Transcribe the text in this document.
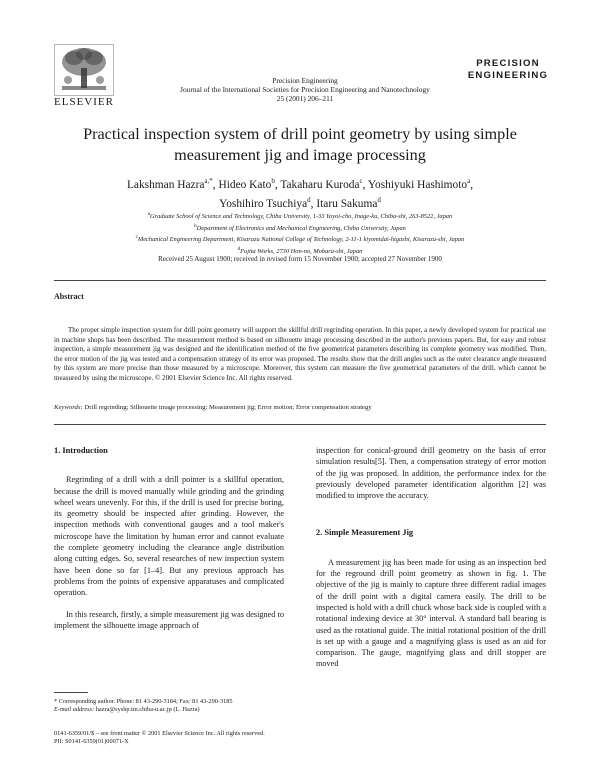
ELSEVIER
Precision Engineering
Journal of the International Societies for Precision Engineering and Nanotechnology
25 (2001) 206–211
PRECISION
ENGINEERING
Practical inspection system of drill point geometry by using simple
measurement jig and image processing
Lakshman Hazra$^{a,*}$, Hideo Kato$^b$, Takaharu Kuroda$^c$, Yoshiyuki Hashimoto$^a$,
Yoshihiro Tsuchiya$^d$, Itaru Sakuma$^d$
$^a$Graduate School of Science and Technology, Chiba University, 1-33 Yayoi-cho, Inage-ku, Chiba-shi, 263-8522, Japan
$^b$Department of Electronics and Mechanical Engineering, Chiba University, Japan
$^c$Mechanical Engineering Department, Kisarazu National College of Technology, 2-11-1 kiyomidai-higashi, Kisarazu-shi, Japan
$^d$Fujita Works, 2730 Hon-no, Mobara-shi, Japan
Received 25 August 1900; received in revised form 15 November 1900; accepted 27 November 1900
Abstract
The proper simple inspection system for drill point geometry will support the skillful drill regrinding operation. In this paper, a newly developed system for practical use in machine shops has been described. The measurement method is based on silhouette image processing described in the author's previous papers. But, for easy and robust inspection, a simple measurement jig was designed and the identification method of the five geometrical parameters describing its complete geometry was modified. Then, the error motion of the jig was tested and a compensation strategy of its error was proposed. The results show that the drill angles such as the outer clearance angle measured by this system are more precise than those measured by a microscope. Moreover, this system can measure the five geometrical parameters of the drill, which cannot be measured by using the microscope. © 2001 Elsevier Science Inc. All rights reserved.
Keywords: Drill regrinding; Silhouette image processing; Measurement jig; Error motion; Error compensation strategy
1. Introduction

Regrinding of a drill with a drill pointer is a skillful operation, because the drill is moved manually while grinding and the grinding wheel wears unevenly. For this, if the drill is used for precise boring, its geometry should be inspected after grinding. However, the inspection methods with conventional gauges and a tool maker's microscope have the limitation by human error and cannot evaluate the complete geometry including the clearance angle distribution along cutting edges. So, several researches of new inspection system have been done so far [1–4]. But any previous approach has problems from the points of expensive apparatuses and complicated operation.

In this research, firstly, a simple measurement jig was designed to implement the silhouette image approach of

inspection for conical-ground drill geometry on the basis of error simulation results[5]. Then, a compensation strategy of error motion of the jig was proposed. In addition, the performance index for the previously developed parameter identification algorithm [2] was modified to improve the accuracy.

2. Simple Measurement Jig

A measurement jig has been made for using as an inspection bed for the reground drill point geometry as shown in fig. 1. The objective of the jig is mainly to capture three different radial images of the drill point with a digital camera easily. The drill to be inspected is hold with a drill chuck whose back side is coupled with a rotational indexing device at 30° interval. A standard ball bearing is used as the rotational guide. The initial rotational position of the drill is set up with a gauge and a magnifying glass is used as an aid for comparison. The gauge, magnifying glass and drill stopper are moved

* Corresponding author. Phone: 81 43-290-3184; Fax: 81 43-290-3185
E-mail address: hazra@syshp.tm.chiba-u.ac.jp (L. Hazra)
0141-6359/01/$ – see front matter © 2001 Elsevier Science Inc. All rights reserved.
PII: S0141-6359(01)00071-X
